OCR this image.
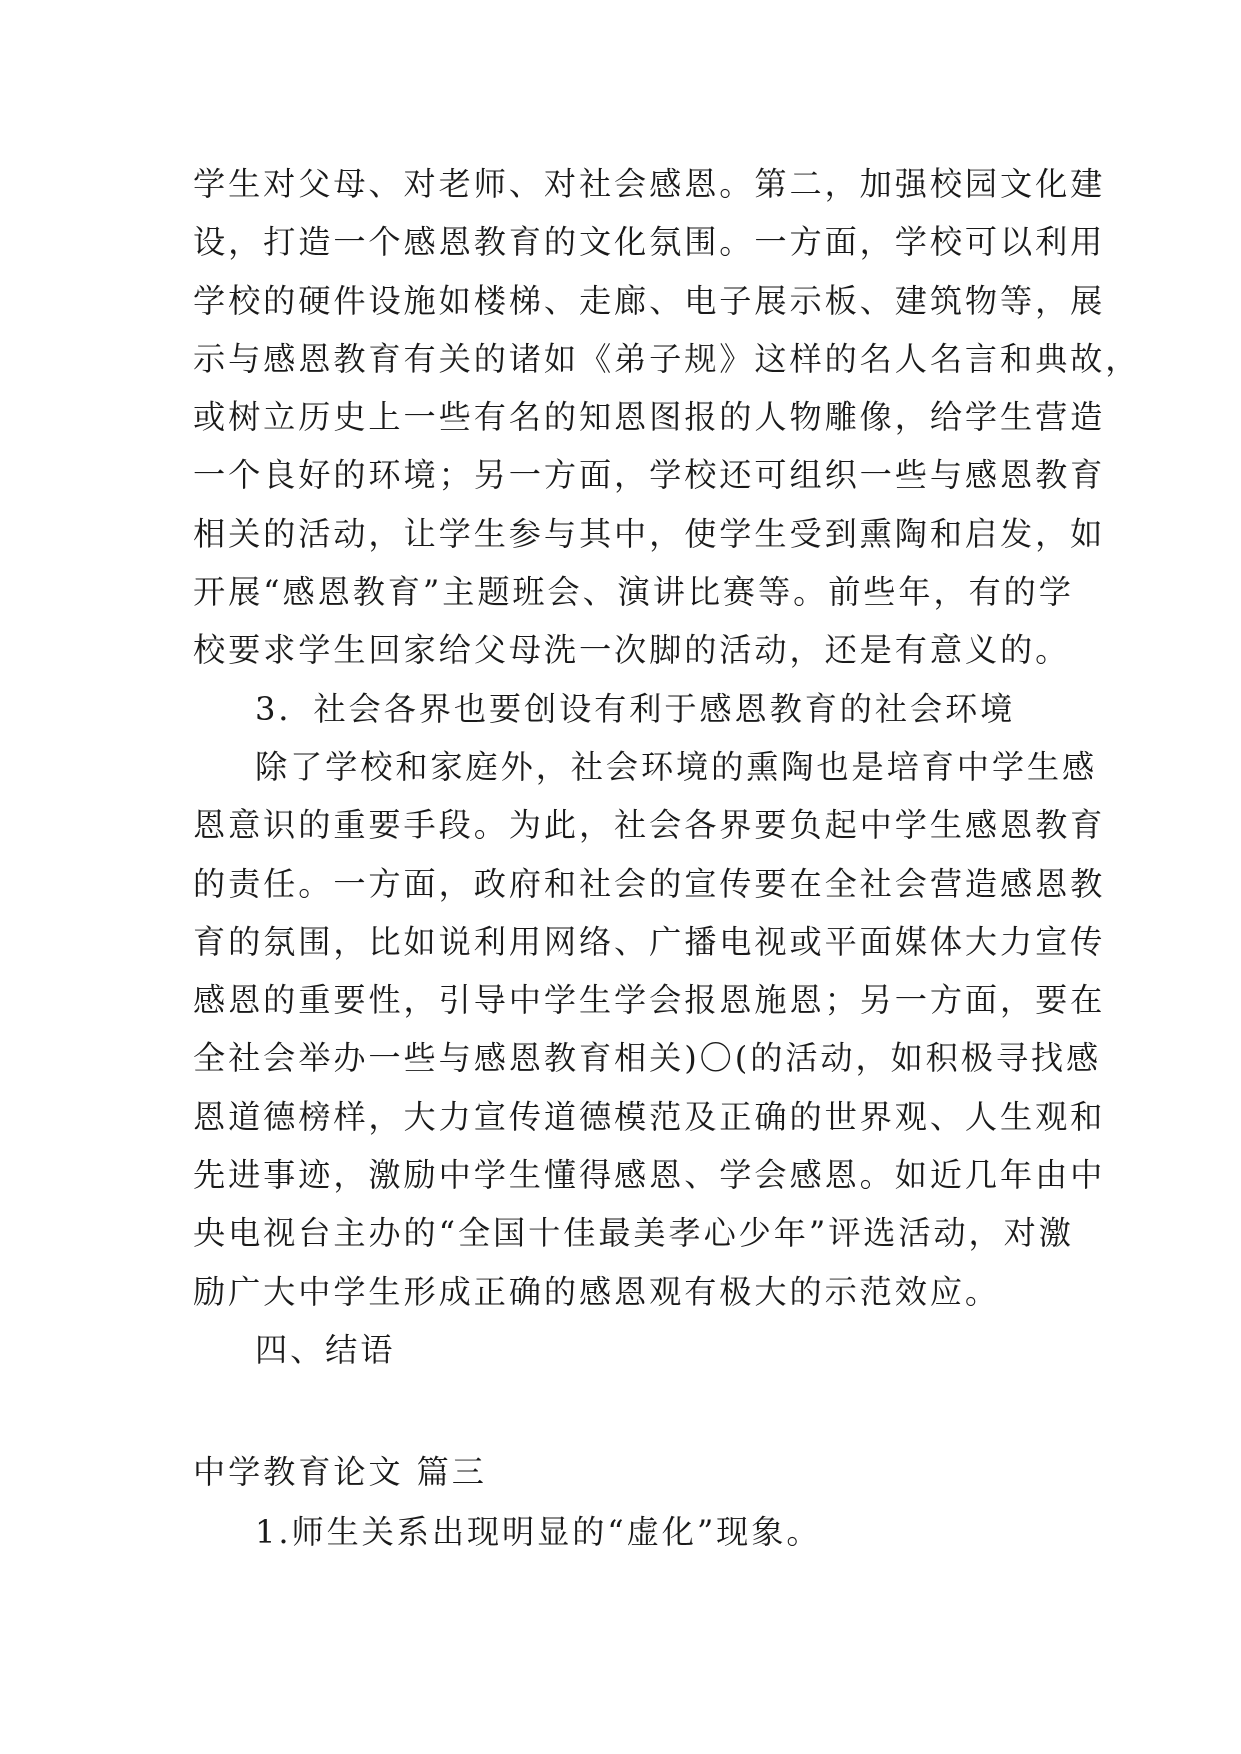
学生对父母、对老师、对社会感恩。第二，加强校园文化建
设，打造一个感恩教育的文化氛围。一方面，学校可以利用
学校的硬件设施如楼梯、走廊、电子展示板、建筑物等，展
示与感恩教育有关的诸如《弟子规》这样的名人名言和典故，
或树立历史上一些有名的知恩图报的人物雕像，给学生营造
一个良好的环境；另一方面，学校还可组织一些与感恩教育
相关的活动，让学生参与其中，使学生受到熏陶和启发，如
开展“感恩教育”主题班会、演讲比赛等。前些年，有的学
校要求学生回家给父母洗一次脚的活动，还是有意义的。
3．社会各界也要创设有利于感恩教育的社会环境
除了学校和家庭外，社会环境的熏陶也是培育中学生感
恩意识的重要手段。为此，社会各界要负起中学生感恩教育
的责任。一方面，政府和社会的宣传要在全社会营造感恩教
育的氛围，比如说利用网络、广播电视或平面媒体大力宣传
感恩的重要性，引导中学生学会报恩施恩；另一方面，要在
全社会举办一些与感恩教育相关)〇(的活动，如积极寻找感
恩道德榜样，大力宣传道德模范及正确的世界观、人生观和
先进事迹，激励中学生懂得感恩、学会感恩。如近几年由中
央电视台主办的“全国十佳最美孝心少年”评选活动，对激
励广大中学生形成正确的感恩观有极大的示范效应。
四、结语
中学教育论文 篇三
1.师生关系出现明显的“虚化”现象。
